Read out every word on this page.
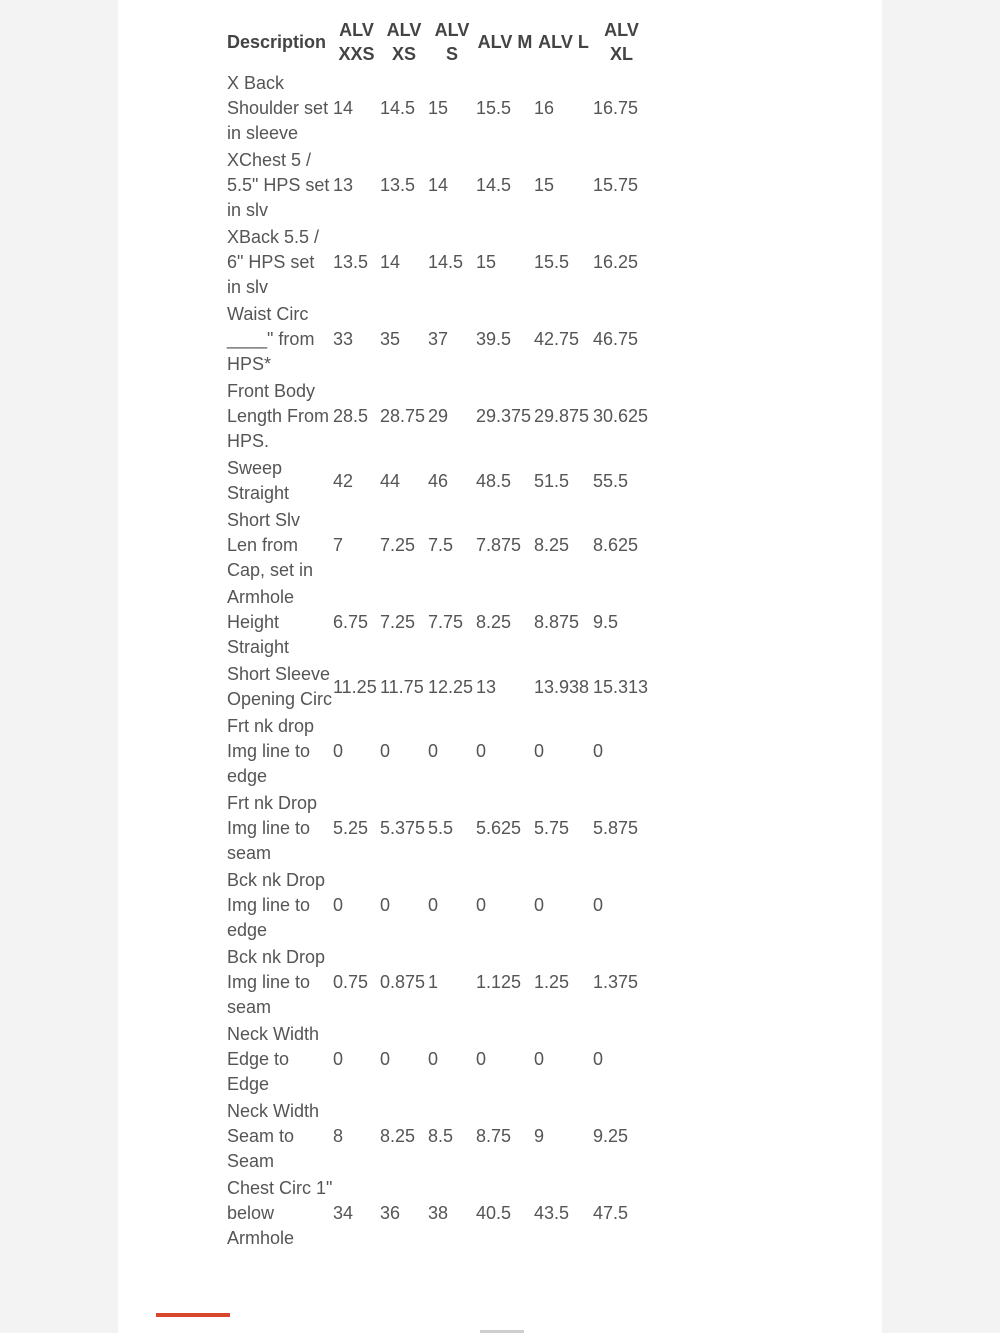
Description	ALV XXS	ALV XS	ALV S	ALV M	ALV L	ALV XL
X Back Shoulder set in sleeve	14	14.5	15	15.5	16	16.75
XChest 5 / 5.5" HPS set in slv	13	13.5	14	14.5	15	15.75
XBack 5.5 / 6" HPS set in slv	13.5	14	14.5	15	15.5	16.25
Waist Circ ____" from HPS*	33	35	37	39.5	42.75	46.75
Front Body Length From HPS.	28.5	28.75	29	29.375	29.875	30.625
Sweep Straight	42	44	46	48.5	51.5	55.5
Short Slv Len from Cap, set in	7	7.25	7.5	7.875	8.25	8.625
Armhole Height Straight	6.75	7.25	7.75	8.25	8.875	9.5
Short Sleeve Opening Circ	11.25	11.75	12.25	13	13.938	15.313
Frt nk drop Img line to edge	0	0	0	0	0	0
Frt nk Drop Img line to seam	5.25	5.375	5.5	5.625	5.75	5.875
Bck nk Drop Img line to edge	0	0	0	0	0	0
Bck nk Drop Img line to seam	0.75	0.875	1	1.125	1.25	1.375
Neck Width Edge to Edge	0	0	0	0	0	0
Neck Width Seam to Seam	8	8.25	8.5	8.75	9	9.25
Chest Circ 1" below Armhole	34	36	38	40.5	43.5	47.5
